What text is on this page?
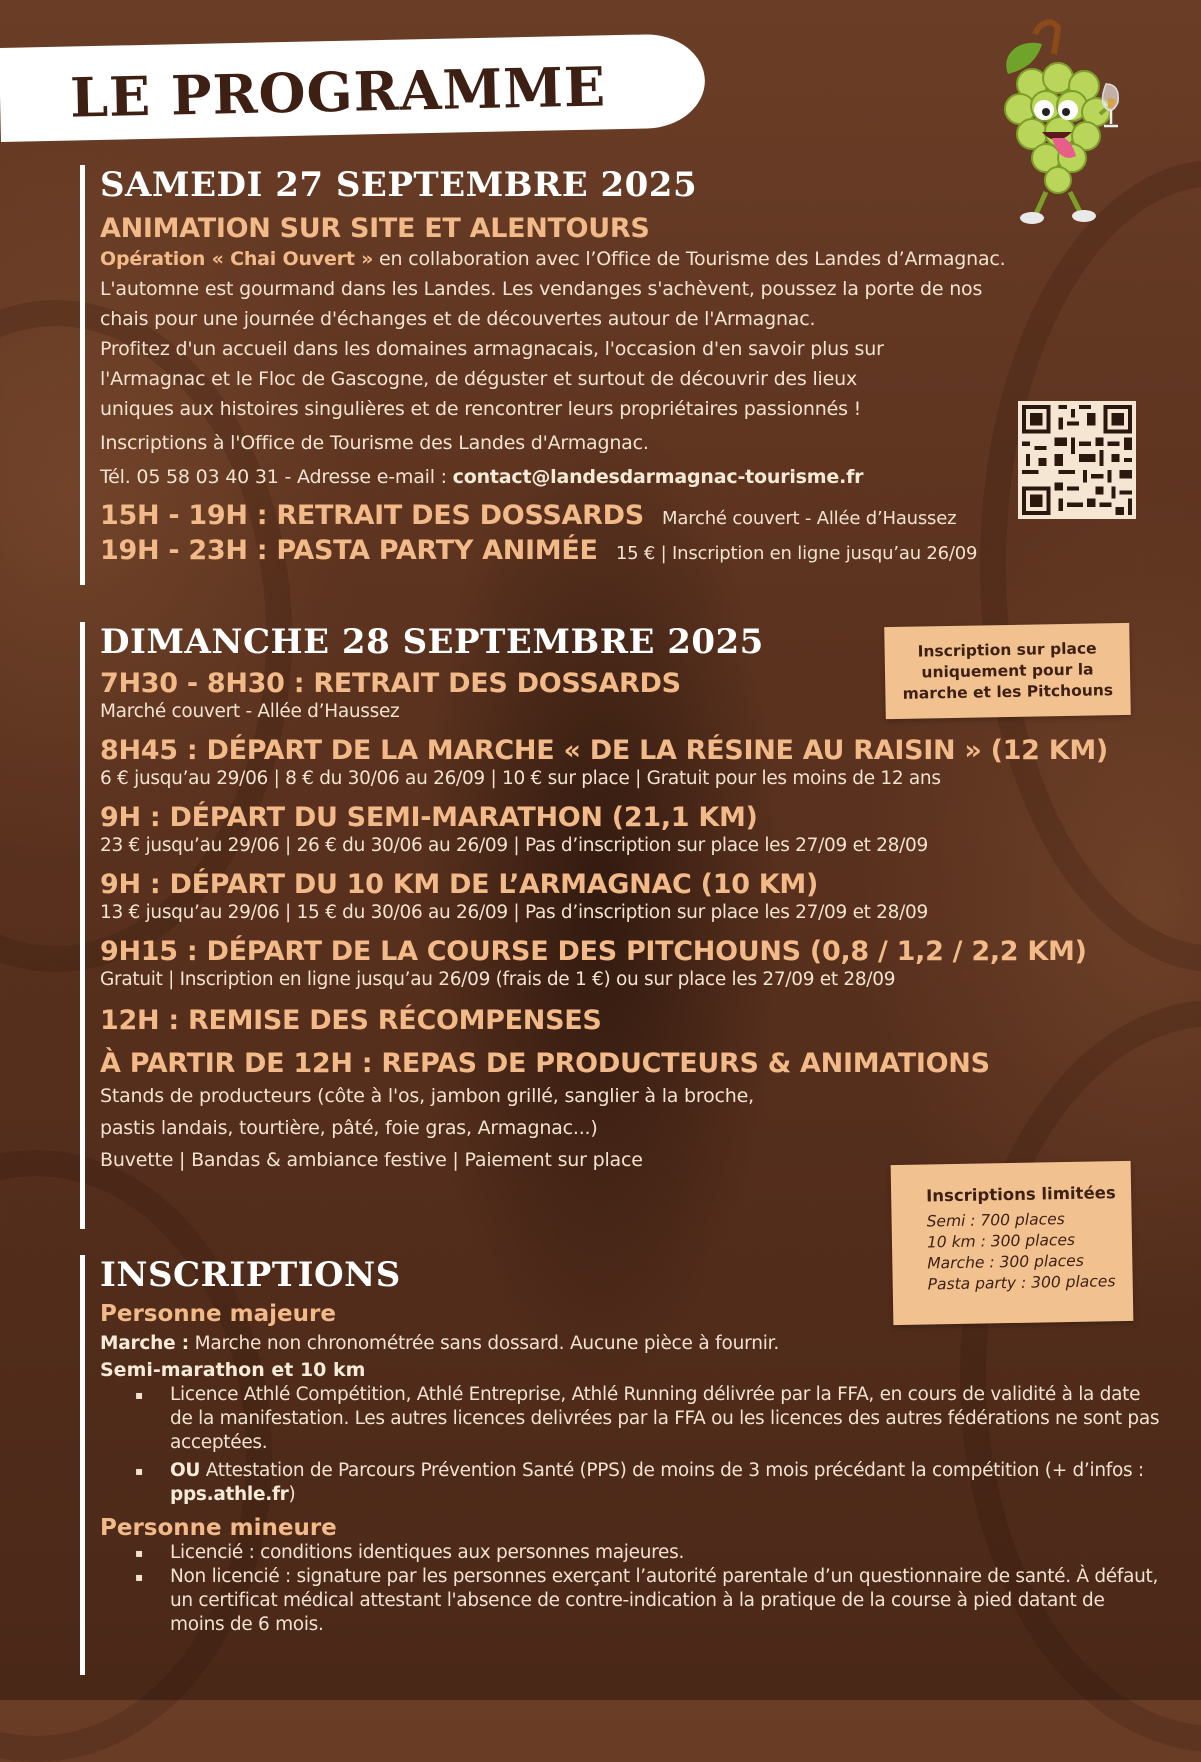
LE PROGRAMME
SAMEDI 27 SEPTEMBRE 2025
ANIMATION SUR SITE ET ALENTOURS

Opération « Chai Ouvert » en collaboration avec l’Office de Tourisme des Landes d’Armagnac.

L'automne est gourmand dans les Landes. Les vendanges s'achèvent, poussez la porte de nos

chais pour une journée d'échanges et de découvertes autour de l'Armagnac.

Profitez d'un accueil dans les domaines armagnacais, l'occasion d'en savoir plus sur

l'Armagnac et le Floc de Gascogne, de déguster et surtout de découvrir des lieux

uniques aux histoires singulières et de rencontrer leurs propriétaires passionnés !

Inscriptions à l'Office de Tourisme des Landes d'Armagnac.

Tél. 05 58 03 40 31 - Adresse e-mail : contact@landesdarmagnac-tourisme.fr

15H - 19H : RETRAIT DES DOSSARDS Marché couvert - Allée d’Haussez
19H - 23H : PASTA PARTY ANIMÉE 15 € | Inscription en ligne jusqu’au 26/09
DIMANCHE 28 SEPTEMBRE 2025
7H30 - 8H30 : RETRAIT DES DOSSARDS

Marché couvert - Allée d’Haussez

8H45 : DÉPART DE LA MARCHE « DE LA RÉSINE AU RAISIN » (12 KM)

6 € jusqu’au 29/06 | 8 € du 30/06 au 26/09 | 10 € sur place | Gratuit pour les moins de 12 ans

9H : DÉPART DU SEMI-MARATHON (21,1 KM)

23 € jusqu’au 29/06 | 26 € du 30/06 au 26/09 | Pas d’inscription sur place les 27/09 et 28/09

9H : DÉPART DU 10 KM DE L’ARMAGNAC (10 KM)

13 € jusqu’au 29/06 | 15 € du 30/06 au 26/09 | Pas d’inscription sur place les 27/09 et 28/09

9H15 : DÉPART DE LA COURSE DES PITCHOUNS (0,8 / 1,2 / 2,2 KM)

Gratuit | Inscription en ligne jusqu’au 26/09 (frais de 1 €) ou sur place les 27/09 et 28/09

12H : REMISE DES RÉCOMPENSES
À PARTIR DE 12H : REPAS DE PRODUCTEURS & ANIMATIONS

Stands de producteurs (côte à l'os, jambon grillé, sanglier à la broche,

pastis landais, tourtière, pâté, foie gras, Armagnac...)

Buvette | Bandas & ambiance festive | Paiement sur place

Inscription sur place
uniquement pour la
marche et les Pitchouns
Inscriptions limitées
Semi : 700 places
10 km : 300 places
Marche : 300 places
Pasta party : 300 places
INSCRIPTIONS
Personne majeure

Marche : Marche non chronométrée sans dossard. Aucune pièce à fournir.

Semi-marathon et 10 km
▪ Licence Athlé Compétition, Athlé Entreprise, Athlé Running délivrée par la FFA, en cours de validité à la date de la manifestation. Les autres licences delivrées par la FFA ou les licences des autres fédérations ne sont pas acceptées.
▪ OU Attestation de Parcours Prévention Santé (PPS) de moins de 3 mois précédant la compétition (+ d’infos : pps.athle.fr)
Personne mineure
▪ Licencié : conditions identiques aux personnes majeures.
▪ Non licencié : signature par les personnes exerçant l’autorité parentale d’un questionnaire de santé. À défaut, un certificat médical attestant l'absence de contre-indication à la pratique de la course à pied datant de moins de 6 mois.
